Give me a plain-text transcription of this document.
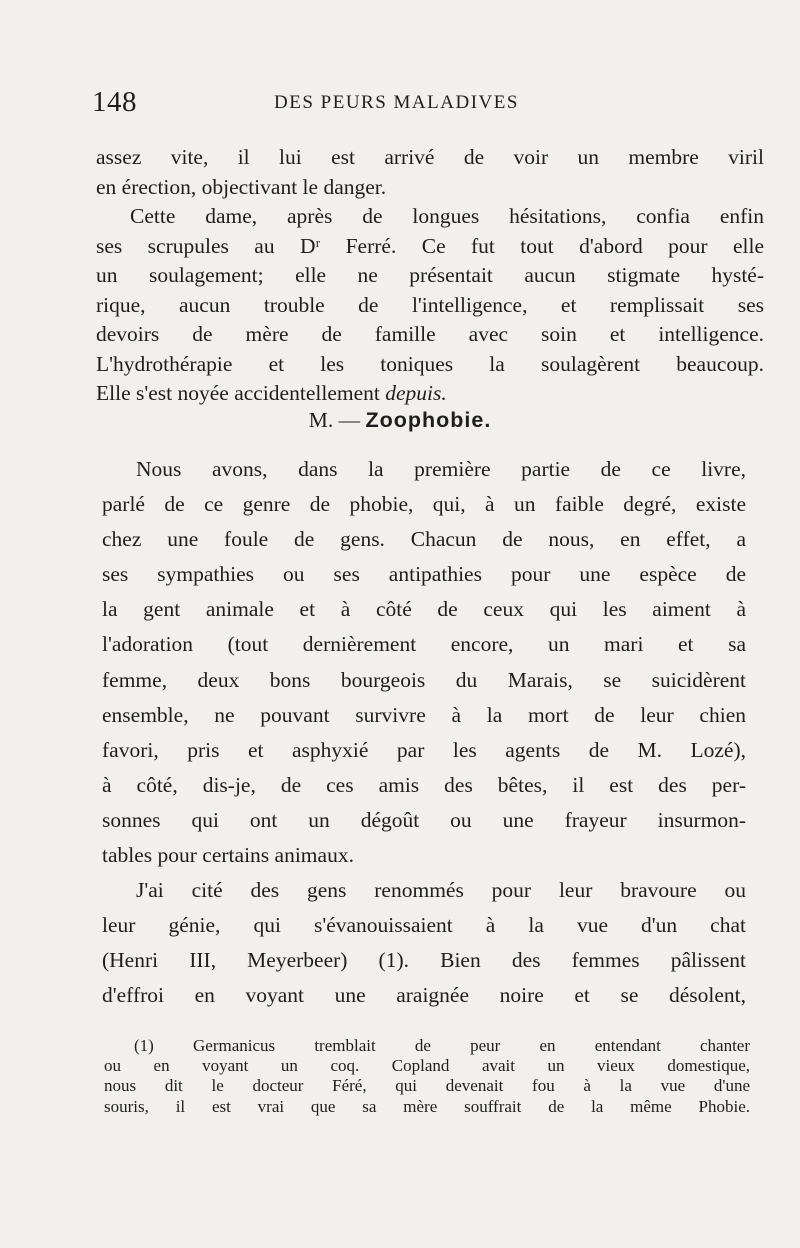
148	DES PEURS MALADIVES
assez vite, il lui est arrivé de voir un membre viril
en érection, objectivant le danger.
Cette dame, après de longues hésitations, confia enfin
ses scrupules au Dʳ Ferré. Ce fut tout d'abord pour elle
un soulagement; elle ne présentait aucun stigmate hysté-
rique, aucun trouble de l'intelligence, et remplissait ses
devoirs de mère de famille avec soin et intelligence.
L'hydrothérapie et les toniques la soulagèrent beaucoup.
Elle s'est noyée accidentellement depuis.
M. — Zoophobie.
Nous avons, dans la première partie de ce livre,
parlé de ce genre de phobie, qui, à un faible degré, existe
chez une foule de gens. Chacun de nous, en effet, a
ses sympathies ou ses antipathies pour une espèce de
la gent animale et à côté de ceux qui les aiment à
l'adoration (tout dernièrement encore, un mari et sa
femme, deux bons bourgeois du Marais, se suicidèrent
ensemble, ne pouvant survivre à la mort de leur chien
favori, pris et asphyxié par les agents de M. Lozé),
à côté, dis-je, de ces amis des bêtes, il est des per-
sonnes qui ont un dégoût ou une frayeur insurmon-
tables pour certains animaux.
J'ai cité des gens renommés pour leur bravoure ou
leur génie, qui s'évanouissaient à la vue d'un chat
(Henri III, Meyerbeer) (1). Bien des femmes pâlissent
d'effroi en voyant une araignée noire et se désolent,
(1) Germanicus tremblait de peur en entendant chanter
ou en voyant un coq. Copland avait un vieux domestique,
nous dit le docteur Féré, qui devenait fou à la vue d'une
souris, il est vrai que sa mère souffrait de la même Phobie.
